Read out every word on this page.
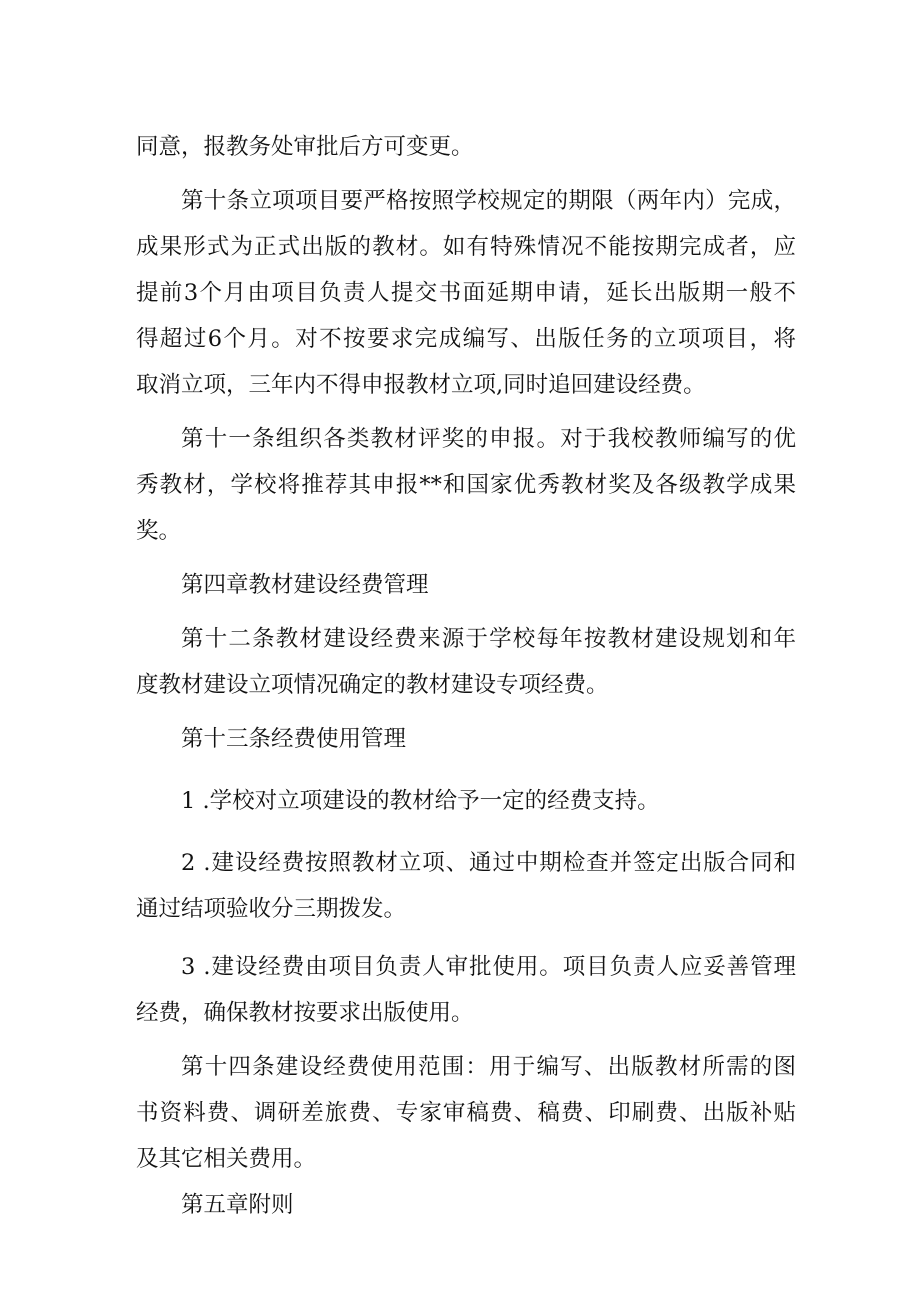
同意，报教务处审批后方可变更。
第十条立项项目要严格按照学校规定的期限（两年内）完成，
成果形式为正式出版的教材。如有特殊情况不能按期完成者，应
提前3个月由项目负责人提交书面延期申请，延长出版期一般不
得超过6个月。对不按要求完成编写、出版任务的立项项目，将
取消立项，三年内不得申报教材立项,同时追回建设经费。
第十一条组织各类教材评奖的申报。对于我校教师编写的优
秀教材，学校将推荐其申报**和国家优秀教材奖及各级教学成果
奖。
第四章教材建设经费管理
第十二条教材建设经费来源于学校每年按教材建设规划和年
度教材建设立项情况确定的教材建设专项经费。
第十三条经费使用管理
1 .学校对立项建设的教材给予一定的经费支持。
2 .建设经费按照教材立项、通过中期检查并签定出版合同和
通过结项验收分三期拨发。
3 .建设经费由项目负责人审批使用。项目负责人应妥善管理
经费，确保教材按要求出版使用。
第十四条建设经费使用范围：用于编写、出版教材所需的图
书资料费、调研差旅费、专家审稿费、稿费、印刷费、出版补贴
及其它相关费用。
第五章附则
